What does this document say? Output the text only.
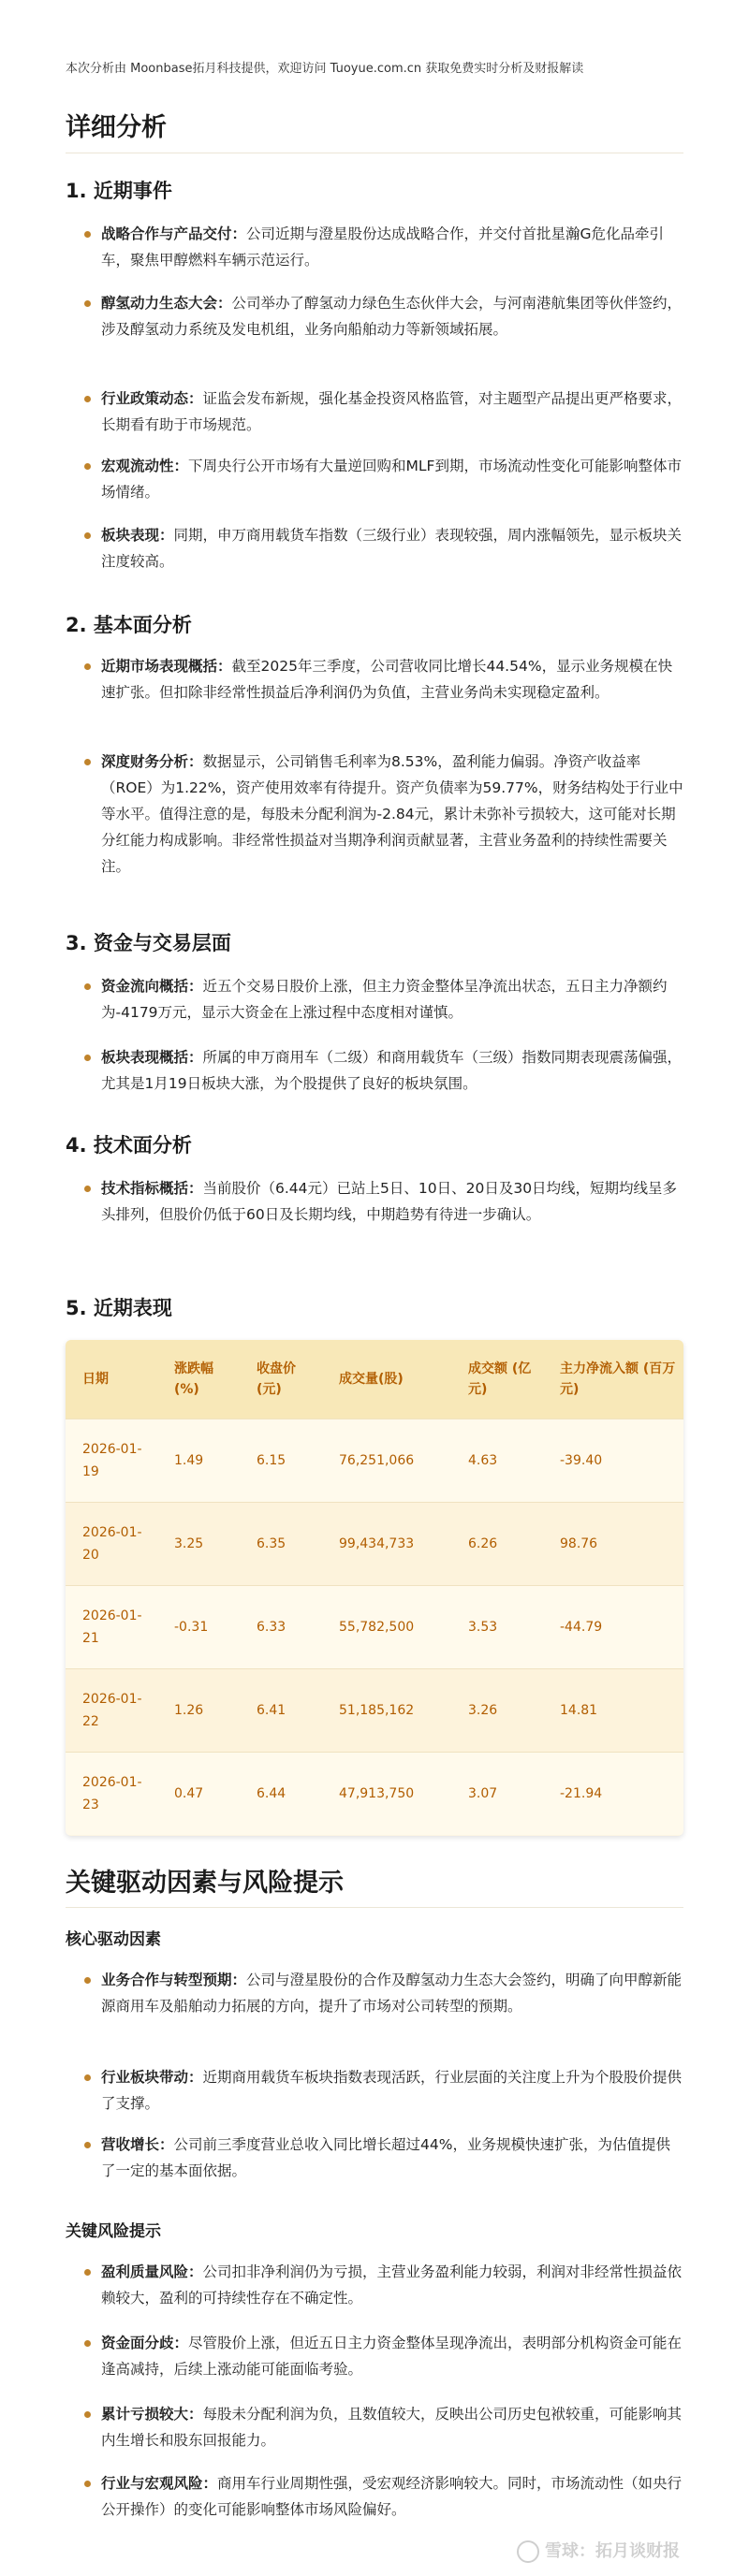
本次分析由 Moonbase拓月科技提供，欢迎访问 Tuoyue.com.cn 获取免费实时分析及财报解读
详细分析
1. 近期事件
战略合作与产品交付：公司近期与澄星股份达成战略合作，并交付首批星瀚G危化品牵引车，聚焦甲醇燃料车辆示范运行。
醇氢动力生态大会：公司举办了醇氢动力绿色生态伙伴大会，与河南港航集团等伙伴签约，涉及醇氢动力系统及发电机组，业务向船舶动力等新领域拓展。
行业政策动态：证监会发布新规，强化基金投资风格监管，对主题型产品提出更严格要求，长期看有助于市场规范。
宏观流动性：下周央行公开市场有大量逆回购和MLF到期，市场流动性变化可能影响整体市场情绪。
板块表现：同期，申万商用载货车指数（三级行业）表现较强，周内涨幅领先，显示板块关注度较高。
2. 基本面分析
近期市场表现概括：截至2025年三季度，公司营收同比增长44.54%，显示业务规模在快速扩张。但扣除非经常性损益后净利润仍为负值，主营业务尚未实现稳定盈利。
深度财务分析：数据显示，公司销售毛利率为8.53%，盈利能力偏弱。净资产收益率（ROE）为1.22%，资产使用效率有待提升。资产负债率为59.77%，财务结构处于行业中等水平。值得注意的是，每股未分配利润为-2.84元，累计未弥补亏损较大，这可能对长期分红能力构成影响。非经常性损益对当期净利润贡献显著，主营业务盈利的持续性需要关注。
3. 资金与交易层面
资金流向概括：近五个交易日股价上涨，但主力资金整体呈净流出状态，五日主力净额约为-4179万元，显示大资金在上涨过程中态度相对谨慎。
板块表现概括：所属的申万商用车（二级）和商用载货车（三级）指数同期表现震荡偏强，尤其是1月19日板块大涨，为个股提供了良好的板块氛围。
4. 技术面分析
技术指标概括：当前股价（6.44元）已站上5日、10日、20日及30日均线，短期均线呈多头排列，但股价仍低于60日及长期均线，中期趋势有待进一步确认。
5. 近期表现
日期	涨跌幅 (%)	收盘价 (元)	成交量(股)	成交额 (亿元)	主力净流入额 (百万元)
2026-01-19	1.49	6.15	76,251,066	4.63	-39.40
2026-01-20	3.25	6.35	99,434,733	6.26	98.76
2026-01-21	-0.31	6.33	55,782,500	3.53	-44.79
2026-01-22	1.26	6.41	51,185,162	3.26	14.81
2026-01-23	0.47	6.44	47,913,750	3.07	-21.94
关键驱动因素与风险提示
核心驱动因素
业务合作与转型预期：公司与澄星股份的合作及醇氢动力生态大会签约，明确了向甲醇新能源商用车及船舶动力拓展的方向，提升了市场对公司转型的预期。
行业板块带动：近期商用载货车板块指数表现活跃，行业层面的关注度上升为个股股价提供了支撑。
营收增长：公司前三季度营业总收入同比增长超过44%，业务规模快速扩张，为估值提供了一定的基本面依据。
关键风险提示
盈利质量风险：公司扣非净利润仍为亏损，主营业务盈利能力较弱，利润对非经常性损益依赖较大，盈利的可持续性存在不确定性。
资金面分歧：尽管股价上涨，但近五日主力资金整体呈现净流出，表明部分机构资金可能在逢高减持，后续上涨动能可能面临考验。
累计亏损较大：每股未分配利润为负，且数值较大，反映出公司历史包袱较重，可能影响其内生增长和股东回报能力。
行业与宏观风险：商用车行业周期性强，受宏观经济影响较大。同时，市场流动性（如央行公开操作）的变化可能影响整体市场风险偏好。
雪球：拓月谈财报
